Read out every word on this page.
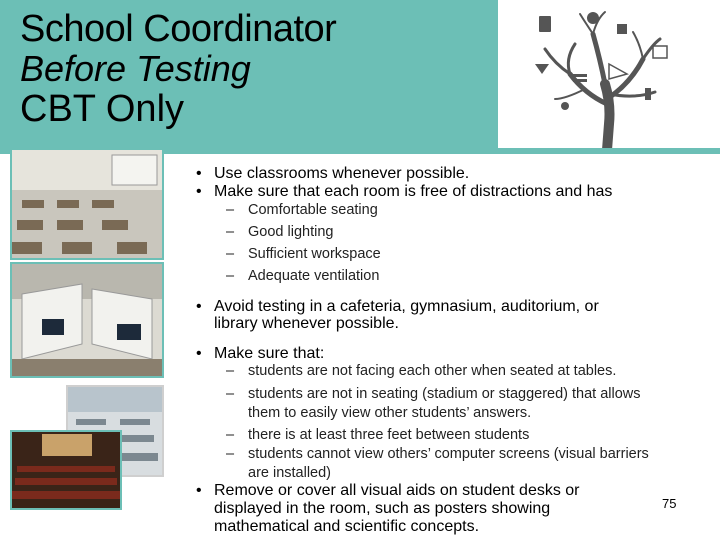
School Coordinator
Before Testing
CBT Only
• Use classrooms whenever possible.
• Make sure that each room is free of distractions and has
– Comfortable seating
– Good lighting
– Sufficient workspace
– Adequate ventilation
• Avoid testing in a cafeteria, gymnasium, auditorium, or
library whenever possible.
• Make sure that:
– students are not facing each other when seated at tables.
– students are not in seating (stadium or staggered) that allows
them to easily view other students’ answers.
– there is at least three feet between students
– students cannot view others’ computer screens (visual barriers
are installed)
• Remove or cover all visual aids on student desks or
displayed in the room, such as posters showing
mathematical and scientific concepts.
75
